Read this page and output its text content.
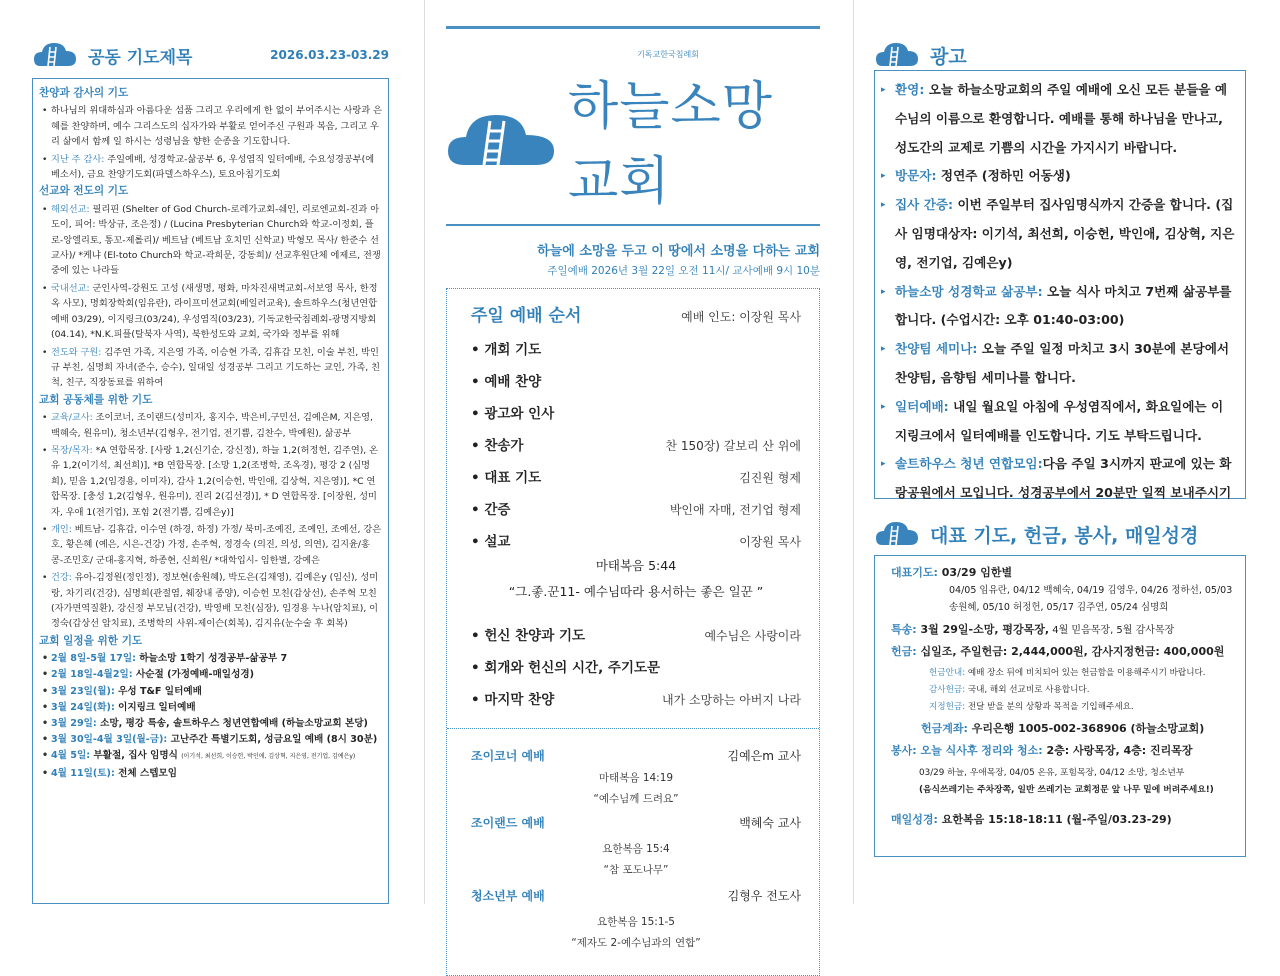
공동 기도제목	2026.03.23-03.29
찬양과 감사의 기도
• 하나님의 위대하심과 아름다운 섬품 그리고 우리에게 한 없이 부어주시는 사랑과 은혜를 찬양하며, 예수 그리스도의 십자가와 부활로 얻어주신 구원과 복음, 그리고 우리 삶에서 함께 일 하시는 성령님을 향한 순종을 기도합니다.
• 지난 주 감사: 주일예배, 성경학교-삶공부 6, 우성염직 일터예배, 수요성경공부(에베소서), 금요 찬양기도회(파델스하우스), 토요아침기도회
선교와 전도의 기도
• 해외선교: 필리핀 (Shelter of God Church-로레가교회-쉐인, 리로엔교회-진과 아도이, 피어: 박상규, 조은정) / (Lucina Presbyterian Church와 학교-이정회, 플로-앙엘리토, 통꼬-제롤리)/ 베트남 (베트남 호치민 신학교) 박형모 목사/ 한준수 선교사)/ *케냐 (El-toto Church와 학교-곽희문, 강동희)/ 선교후원단체 에제르, 전쟁중에 있는 나라들
• 국내선교: 군인사역-강원도 고성 (새생명, 평화, 마차진새벽교회-서보영 목사, 한정옥 사모), 명회장학회(임유란), 라이프미션교회(베일러교육), 솔트하우스(청년연합예배 03/29), 이지링크(03/24), 우성염직(03/23), 기독교한국침례회-광명지방회(04.14), *N.K.피플(탈북자 사역), 북한성도와 교회, 국가와 정부를 위해
• 전도와 구원: 김주연 가족, 지은영 가족, 이승현 가족, 김휴갑 모친, 이술 부친, 박인규 부친, 심명희 자녀(준수, 승수), 일대일 성경공부 그리고 기도하는 교인, 가족, 친척, 친구, 직장동료를 위하여
교회 공동체를 위한 기도
• 교육/교사: 조이코너, 조이랜드(성미자, 홍지수, 박은비,구민선, 김예은M, 지은영, 백혜숙, 원유미), 청소년부(김형우, 전기업, 전기쁨, 김찬수, 박예원), 삶공부
• 목장/목자: *A 연합목장. [사랑 1,2(신기순, 강신정), 하늘 1,2(허정헌, 김주연), 온유 1,2(이기석, 최선희)], *B 연합목장. [소망 1,2(조병학, 조옥경), 평강 2 (심명희), 믿음 1,2(임경용, 이미자), 감사 1,2(이승헌, 박인애, 김상혁, 지은영)], *C 연합목장. [충성 1,2(김형우, 원유미), 진리 2(김선경)], * D 연합목장. [이장원, 성미자, 우애 1(전기업), 포힘 2(전기쁨, 김예은y)]
• 개인: 베트남- 김휴갑, 이수연 (하경, 하정) 가정/ 북미-조예진, 조예인, 조예선, 강은호, 황은혜 (예은, 시은-건강) 가정, 손주혁, 정경숙 (의진, 의성, 의연), 김지윤/홍콩-조민호/ 군대-홍지혁, 하종현, 신희원/ *대학입시- 임한별, 강예은
• 건강: 유아-김정원(정인정), 정보현(송원혜), 박도은(김채영), 김예은y (임신), 성미랑, 차기리(건강), 심명희(관절염, 췌장내 종양), 이승헌 모친(갑상선), 손주혁 모친(자가면역질환), 강신정 부모님(건강), 박영배 모친(심장), 임경용 누나(암치료), 이정숙(갑상선 암치료), 조병학의 사위-제이슨(회복), 김지유(눈수술 후 회복)
교회 일정을 위한 기도
• 2월 8일-5월 17일: 하늘소망 1학기 성경공부-삶공부 7
• 2월 18일-4월2일: 사순절 (가정예배-매일성경)
• 3월 23일(월): 우성 T&F 일터예배
• 3월 24일(화): 이지링크 일터예배
• 3월 29일: 소망, 평강 특송, 솔트하우스 청년연합예배 (하늘소망교회 본당)
• 3월 30일-4월 3일(월-금): 고난주간 특별기도회, 성금요일 예배 (8시 30분)
• 4월 5일: 부활절, 집사 임명식 (이기석, 최선희, 이승헌, 박인애, 김상혁, 지은영, 전기업, 김예은y)
• 4월 11일(토): 전체 스텝모임
기독교한국침례회
하늘소망교회
하늘에 소망을 두고 이 땅에서 소명을 다하는 교회
주일예배 2026년 3월 22일 오전 11시/ 교사예배 9시 10분
주일 예배 순서	예배 인도: 이장원 목사
• 개회 기도
• 예배 찬양
• 광고와 인사
• 찬송가	찬 150장) 갈보리 산 위에
• 대표 기도	김진원 형제
• 간증	박인애 자매, 전기업 형제
• 설교	이장원 목사
마태복음 5:44
“그.좋.꾼11- 예수님따라 용서하는 좋은 일꾼 ”
• 헌신 찬양과 기도	예수님은 사랑이라
• 회개와 헌신의 시간, 주기도문
• 마지막 찬양	내가 소망하는 아버지 나라
조이코너 예배	김예은m 교사
마태복음 14:19
“예수님께 드려요”
조이랜드 예배	백혜숙 교사
요한복음 15:4
“참 포도나무”
청소년부 예배	김형우 전도사
요한복음 15:1-5
“제자도 2-예수님과의 연합”
광고
▸ 환영: 오늘 하늘소망교회의 주일 예배에 오신 모든 분들을 예수님의 이름으로 환영합니다. 예배를 통해 하나님을 만나고, 성도간의 교제로 기쁨의 시간을 가지시기 바랍니다.
▸ 방문자: 정연주 (정하민 어동생)
▸ 집사 간증: 이번 주일부터 집사임명식까지 간증을 합니다. (집사 임명대상자: 이기석, 최선희, 이승헌, 박인애, 김상혁, 지은영, 전기업, 김예은y)
▸ 하늘소망 성경학교 삶공부: 오늘 식사 마치고 7번째 삶공부를 합니다. (수업시간: 오후 01:40-03:00)
▸ 찬양팀 세미나: 오늘 주일 일정 마치고 3시 30분에 본당에서 찬양팀, 음향팀 세미나를 합니다.
▸ 일터예배: 내일 월요일 아침에 우성염직에서, 화요일에는 이지링크에서 일터예배를 인도합니다. 기도 부탁드립니다.
▸ 솔트하우스 청년 연합모임:다음 주일 3시까지 판교에 있는 화랑공원에서 모입니다. 성경공부에서 20분만 일찍 보내주시기
대표 기도, 헌금, 봉사, 매일성경
대표기도: 03/29 임한별
04/05 임유란, 04/12 백혜숙, 04/19 김영우, 04/26 정하선, 05/03 송원혜, 05/10 허정헌, 05/17 김주연, 05/24 심명희
특송: 3월 29일-소망, 평강목장, 4월 믿음목장, 5월 감사목장
헌금: 십일조, 주일헌금: 2,444,000원, 감사지정헌금: 400,000원
헌금안내: 예배 장소 뒤에 비치되어 있는 헌금함을 이용해주시기 바랍니다.
감사헌금: 국내, 해외 선교비로 사용합니다.
지정헌금: 전달 받을 분의 상황과 목적을 기입해주세요.
헌금계좌: 우리은행 1005-002-368906 (하늘소망교회)
봉사: 오늘 식사후 정리와 청소: 2층: 사랑목장, 4층: 진리목장
03/29 하늘, 우애목장, 04/05 온유, 포힘목장, 04/12 소망, 청소년부
(음식쓰레기는 주차장쪽, 일반 쓰레기는 교회정문 앞 나무 밑에 버려주세요!)
매일성경: 요한복음 15:18-18:11 (월-주일/03.23-29)
